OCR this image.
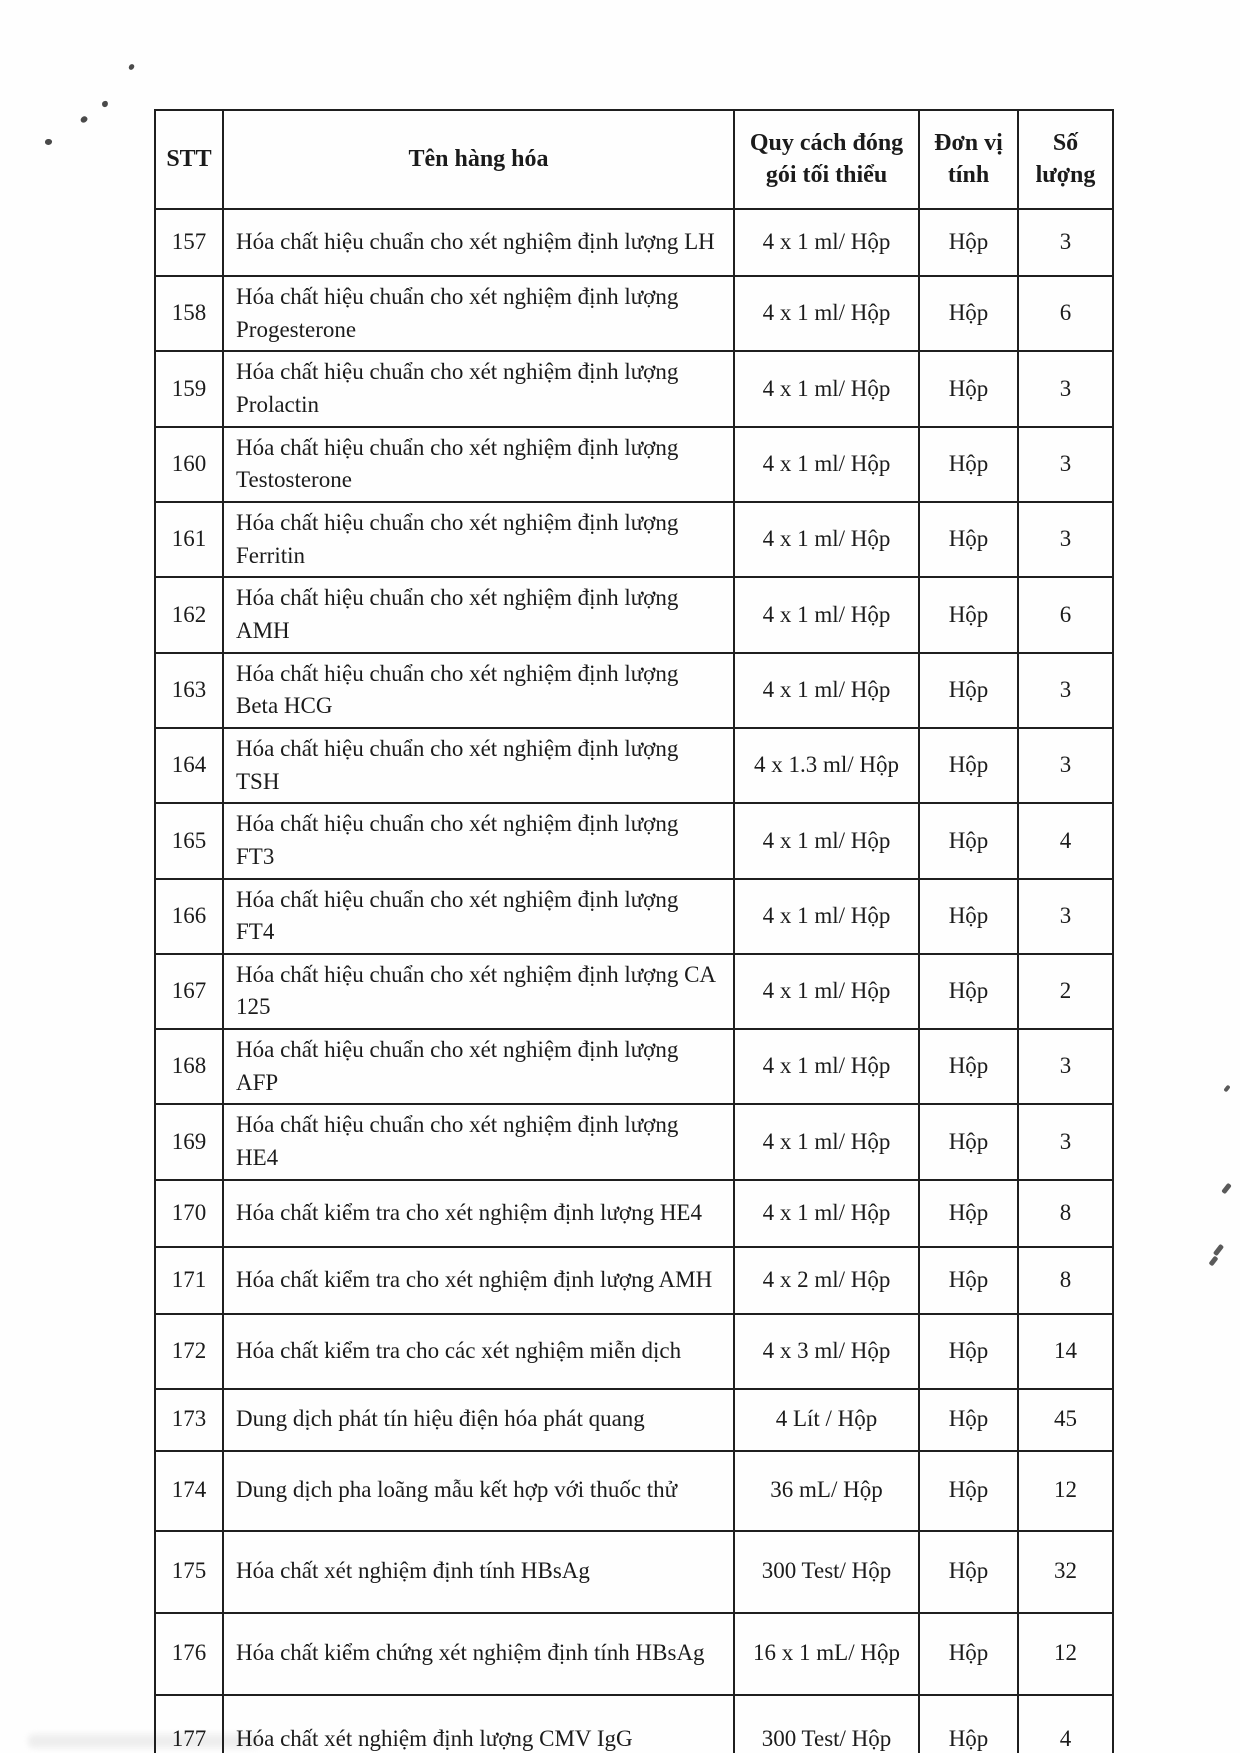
STT	Tên hàng hóa	Quy cách đóng gói tối thiểu	Đơn vị tính	Số lượng
157	Hóa chất hiệu chuẩn cho xét nghiệm định lượng LH	4 x 1 ml/ Hộp	Hộp	3
158	Hóa chất hiệu chuẩn cho xét nghiệm định lượng Progesterone	4 x 1 ml/ Hộp	Hộp	6
159	Hóa chất hiệu chuẩn cho xét nghiệm định lượng Prolactin	4 x 1 ml/ Hộp	Hộp	3
160	Hóa chất hiệu chuẩn cho xét nghiệm định lượng Testosterone	4 x 1 ml/ Hộp	Hộp	3
161	Hóa chất hiệu chuẩn cho xét nghiệm định lượng Ferritin	4 x 1 ml/ Hộp	Hộp	3
162	Hóa chất hiệu chuẩn cho xét nghiệm định lượng AMH	4 x 1 ml/ Hộp	Hộp	6
163	Hóa chất hiệu chuẩn cho xét nghiệm định lượng Beta HCG	4 x 1 ml/ Hộp	Hộp	3
164	Hóa chất hiệu chuẩn cho xét nghiệm định lượng TSH	4 x 1.3 ml/ Hộp	Hộp	3
165	Hóa chất hiệu chuẩn cho xét nghiệm định lượng FT3	4 x 1 ml/ Hộp	Hộp	4
166	Hóa chất hiệu chuẩn cho xét nghiệm định lượng FT4	4 x 1 ml/ Hộp	Hộp	3
167	Hóa chất hiệu chuẩn cho xét nghiệm định lượng CA 125	4 x 1 ml/ Hộp	Hộp	2
168	Hóa chất hiệu chuẩn cho xét nghiệm định lượng AFP	4 x 1 ml/ Hộp	Hộp	3
169	Hóa chất hiệu chuẩn cho xét nghiệm định lượng HE4	4 x 1 ml/ Hộp	Hộp	3
170	Hóa chất kiểm tra cho xét nghiệm định lượng HE4	4 x 1 ml/ Hộp	Hộp	8
171	Hóa chất kiểm tra cho xét nghiệm định lượng AMH	4 x 2 ml/ Hộp	Hộp	8
172	Hóa chất kiểm tra cho các xét nghiệm miễn dịch	4 x 3 ml/ Hộp	Hộp	14
173	Dung dịch phát tín hiệu điện hóa phát quang	4 Lít / Hộp	Hộp	45
174	Dung dịch pha loãng mẫu kết hợp với thuốc thử	36 mL/ Hộp	Hộp	12
175	Hóa chất xét nghiệm định tính HBsAg	300 Test/ Hộp	Hộp	32
176	Hóa chất kiểm chứng xét nghiệm định tính HBsAg	16 x 1 mL/ Hộp	Hộp	12
177	Hóa chất xét nghiệm định lượng CMV IgG	300 Test/ Hộp	Hộp	4
